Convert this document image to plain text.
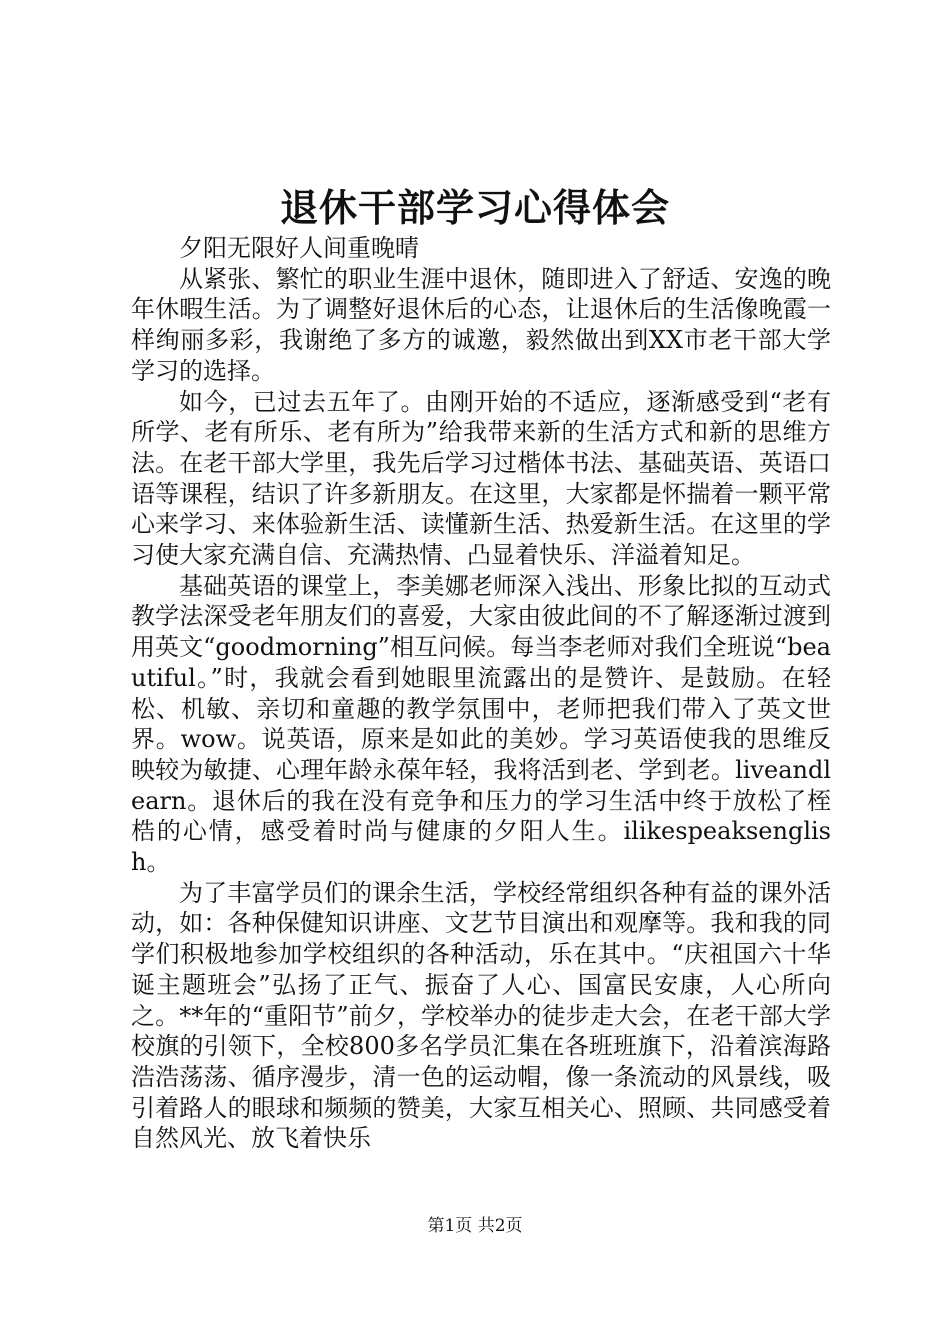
退休干部学习心得体会

夕阳无限好人间重晚晴

从紧张、繁忙的职业生涯中退休，随即进入了舒适、安逸的晚年休暇生活。为了调整好退休后的心态，让退休后的生活像晚霞一样绚丽多彩，我谢绝了多方的诚邀，毅然做出到XX市老干部大学学习的选择。

如今，已过去五年了。由刚开始的不适应，逐渐感受到“老有所学、老有所乐、老有所为”给我带来新的生活方式和新的思维方法。在老干部大学里，我先后学习过楷体书法、基础英语、英语口语等课程，结识了许多新朋友。在这里，大家都是怀揣着一颗平常心来学习、来体验新生活、读懂新生活、热爱新生活。在这里的学习使大家充满自信、充满热情、凸显着快乐、洋溢着知足。

基础英语的课堂上，李美娜老师深入浅出、形象比拟的互动式教学法深受老年朋友们的喜爱，大家由彼此间的不了解逐渐过渡到用英文“goodmorning”相互问候。每当李老师对我们全班说“beautiful。”时，我就会看到她眼里流露出的是赞许、是鼓励。在轻松、机敏、亲切和童趣的教学氛围中，老师把我们带入了英文世界。wow。说英语，原来是如此的美妙。学习英语使我的思维反映较为敏捷、心理年龄永葆年轻，我将活到老、学到老。liveandlearn。退休后的我在没有竞争和压力的学习生活中终于放松了桎梏的心情，感受着时尚与健康的夕阳人生。ilikespeaksenglish。

为了丰富学员们的课余生活，学校经常组织各种有益的课外活动，如：各种保健知识讲座、文艺节目演出和观摩等。我和我的同学们积极地参加学校组织的各种活动，乐在其中。“庆祖国六十华诞主题班会”弘扬了正气、振奋了人心、国富民安康，人心所向之。**年的“重阳节”前夕，学校举办的徒步走大会，在老干部大学校旗的引领下，全校800多名学员汇集在各班班旗下，沿着滨海路浩浩荡荡、循序漫步，清一色的运动帽，像一条流动的风景线，吸引着路人的眼球和频频的赞美，大家互相关心、照顾、共同感受着自然风光、放飞着快乐

第1页 共2页
